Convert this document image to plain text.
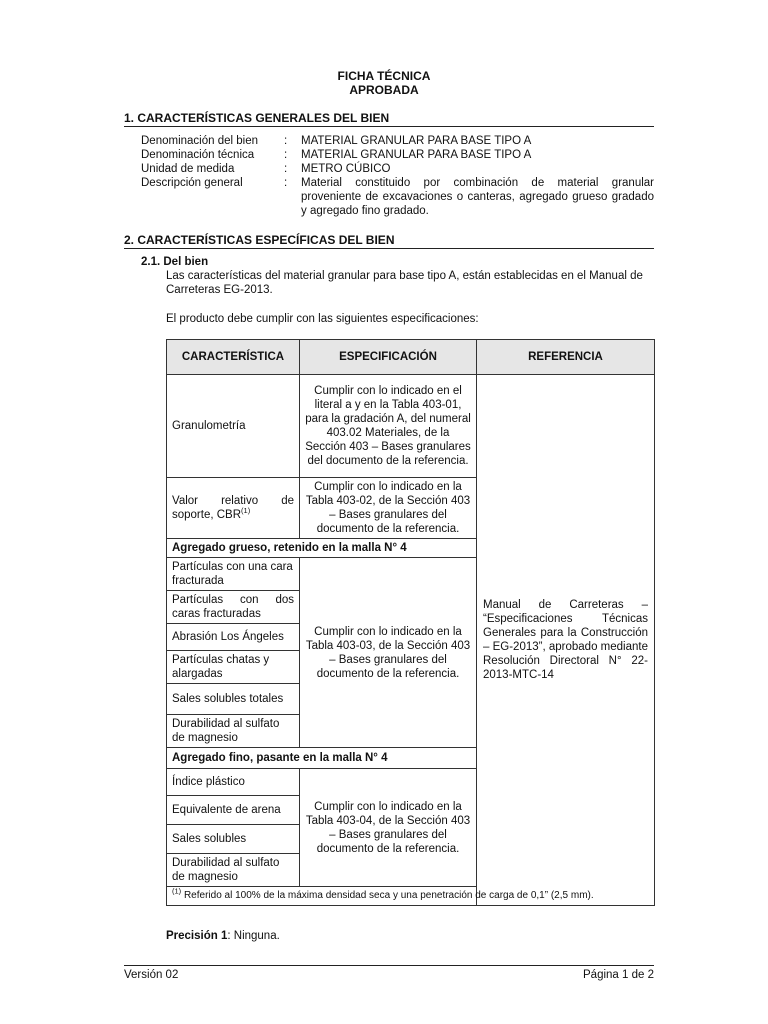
FICHA TÉCNICA
APROBADA
1. CARACTERÍSTICAS GENERALES DEL BIEN
Denominación del bien : MATERIAL GRANULAR PARA BASE TIPO A
Denominación técnica	: MATERIAL GRANULAR PARA BASE TIPO A
Unidad de medida	: METRO CÚBICO
Descripción general	: Material constituido por combinación de material granular proveniente de excavaciones o canteras, agregado grueso gradado y agregado fino gradado.
2. CARACTERÍSTICAS ESPECÍFICAS DEL BIEN
2.1. Del bien
Las características del material granular para base tipo A, están establecidas en el Manual de Carreteras EG-2013.
El producto debe cumplir con las siguientes especificaciones:
CARACTERÍSTICA	ESPECIFICACIÓN	REFERENCIA
Granulometría	Cumplir con lo indicado en el literal a y en la Tabla 403-01, para la gradación A, del numeral 403.02 Materiales, de la Sección 403 – Bases granulares del documento de la referencia.	Manual de Carreteras – “Especificaciones Técnicas Generales para la Construcción – EG-2013”, aprobado mediante Resolución Directoral N° 22-2013-MTC-14
Valor relativo de soporte, CBR$^{(1)}$	Cumplir con lo indicado en la Tabla 403-02, de la Sección 403 – Bases granulares del documento de la referencia.	
Agregado grueso, retenido en la malla N° 4		
Partículas con una cara fracturada	Cumplir con lo indicado en la Tabla 403-03, de la Sección 403 – Bases granulares del documento de la referencia.	
Partículas con dos caras fracturadas		
Abrasión Los Ángeles		
Partículas chatas y alargadas		
Sales solubles totales		
Durabilidad al sulfato de magnesio		
Agregado fino, pasante en la malla N° 4		
Índice plástico	Cumplir con lo indicado en la Tabla 403-04, de la Sección 403 – Bases granulares del documento de la referencia.	
Equivalente de arena		
Sales solubles		
Durabilidad al sulfato de magnesio		
$^{(1)}$ Referido al 100% de la máxima densidad seca y una penetración de carga de 0,1” (2,5 mm).		
Precisión 1: Ninguna.
Versión 02	Página 1 de 2
